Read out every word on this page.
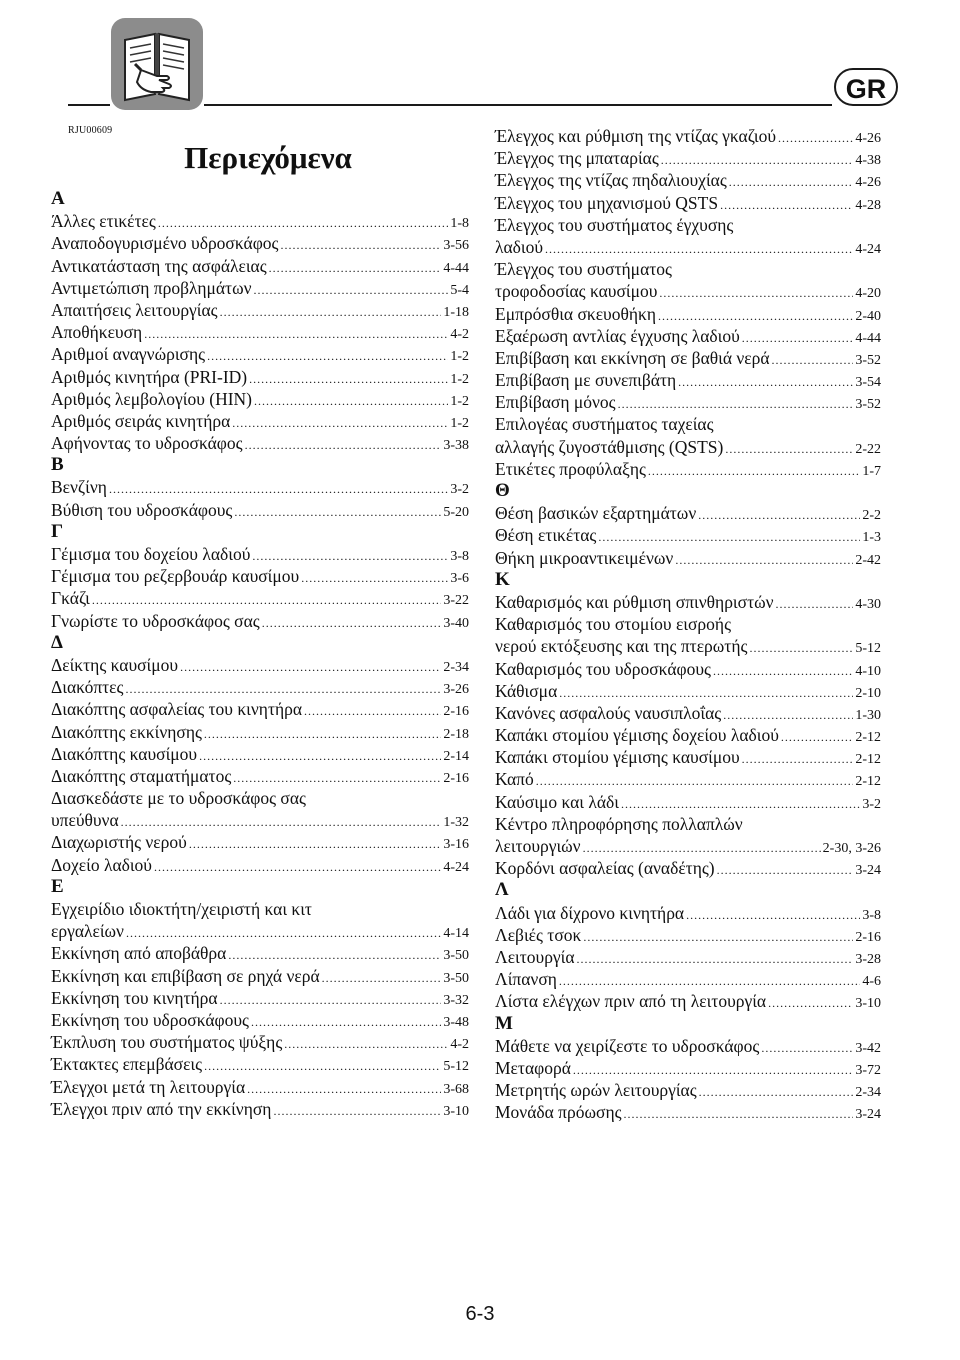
GR
RJU00609
Περιεχόμενα
Α
Άλλες ετικέτες .....	1-8
Αναποδογυρισμένο υδροσκάφος .....	3-56
Αντικατάσταση της ασφάλειας .....	4-44
Αντιμετώπιση προβλημάτων .....	5-4
Απαιτήσεις λειτουργίας .....	1-18
Αποθήκευση .....	4-2
Αριθμοί αναγνώρισης .....	1-2
Αριθμός κινητήρα (PRI-ID) .....	1-2
Αριθμός λεμβολογίου (HIN) .....	1-2
Αριθμός σειράς κινητήρα .....	1-2
Αφήνοντας το υδροσκάφος .....	3-38
Β
Βενζίνη .....	3-2
Βύθιση του υδροσκάφους .....	5-20
Γ
Γέμισμα του δοχείου λαδιού .....	3-8
Γέμισμα του ρεζερβουάρ καυσίμου .....	3-6
Γκάζι .....	3-22
Γνωρίστε το υδροσκάφος σας .....	3-40
Δ
Δείκτης καυσίμου .....	2-34
Διακόπτες .....	3-26
Διακόπτης ασφαλείας του κινητήρα .....	2-16
Διακόπτης εκκίνησης .....	2-18
Διακόπτης καυσίμου .....	2-14
Διακόπτης σταματήματος .....	2-16
Διασκεδάστε με το υδροσκάφος σας
υπεύθυνα .....	1-32
Διαχωριστής νερού .....	3-16
Δοχείο λαδιού .....	4-24
Ε
Εγχειρίδιο ιδιοκτήτη/χειριστή και κιτ
εργαλείων .....	4-14
Εκκίνηση από αποβάθρα .....	3-50
Εκκίνηση και επιβίβαση σε ρηχά νερά .....	3-50
Εκκίνηση του κινητήρα .....	3-32
Εκκίνηση του υδροσκάφους .....	3-48
Έκπλυση του συστήματος ψύξης .....	4-2
Έκτακτες επεμβάσεις .....	5-12
Έλεγχοι μετά τη λειτουργία .....	3-68
Έλεγχοι πριν από την εκκίνηση .....	3-10
Έλεγχος και ρύθμιση της ντίζας γκαζιού .....	4-26
Έλεγχος της μπαταρίας .....	4-38
Έλεγχος της ντίζας πηδαλιουχίας .....	4-26
Έλεγχος του μηχανισμού QSTS .....	4-28
Έλεγχος του συστήματος έγχυσης
λαδιού .....	4-24
Έλεγχος του συστήματος
τροφοδοσίας καυσίμου .....	4-20
Εμπρόσθια σκευοθήκη .....	2-40
Εξαέρωση αντλίας έγχυσης λαδιού .....	4-44
Επιβίβαση και εκκίνηση σε βαθιά νερά .....	3-52
Επιβίβαση με συνεπιβάτη .....	3-54
Επιβίβαση μόνος .....	3-52
Επιλογέας συστήματος ταχείας
αλλαγής ζυγοστάθμισης (QSTS) .....	2-22
Ετικέτες προφύλαξης .....	1-7
Θ
Θέση βασικών εξαρτημάτων .....	2-2
Θέση ετικέτας .....	1-3
Θήκη μικροαντικειμένων .....	2-42
Κ
Καθαρισμός και ρύθμιση σπινθηριστών .....	4-30
Καθαρισμός του στομίου εισροής
νερού εκτόξευσης και της πτερωτής .....	5-12
Καθαρισμός του υδροσκάφους .....	4-10
Κάθισμα .....	2-10
Κανόνες ασφαλούς ναυσιπλοΐας .....	1-30
Καπάκι στομίου γέμισης δοχείου λαδιού .....	2-12
Καπάκι στομίου γέμισης καυσίμου .....	2-12
Καπό .....	2-12
Καύσιμο και λάδι .....	3-2
Κέντρο πληροφόρησης πολλαπλών
λειτουργιών .....	2-30, 3-26
Κορδόνι ασφαλείας (αναδέτης) .....	3-24
Λ
Λάδι για δίχρονο κινητήρα .....	3-8
Λεβιές τσοκ .....	2-16
Λειτουργία .....	3-28
Λίπανση .....	4-6
Λίστα ελέγχων πριν από τη λειτουργία .....	3-10
Μ
Μάθετε να χειρίζεστε το υδροσκάφος .....	3-42
Μεταφορά .....	3-72
Μετρητής ωρών λειτουργίας .....	2-34
Μονάδα πρόωσης .....	3-24
6-3
